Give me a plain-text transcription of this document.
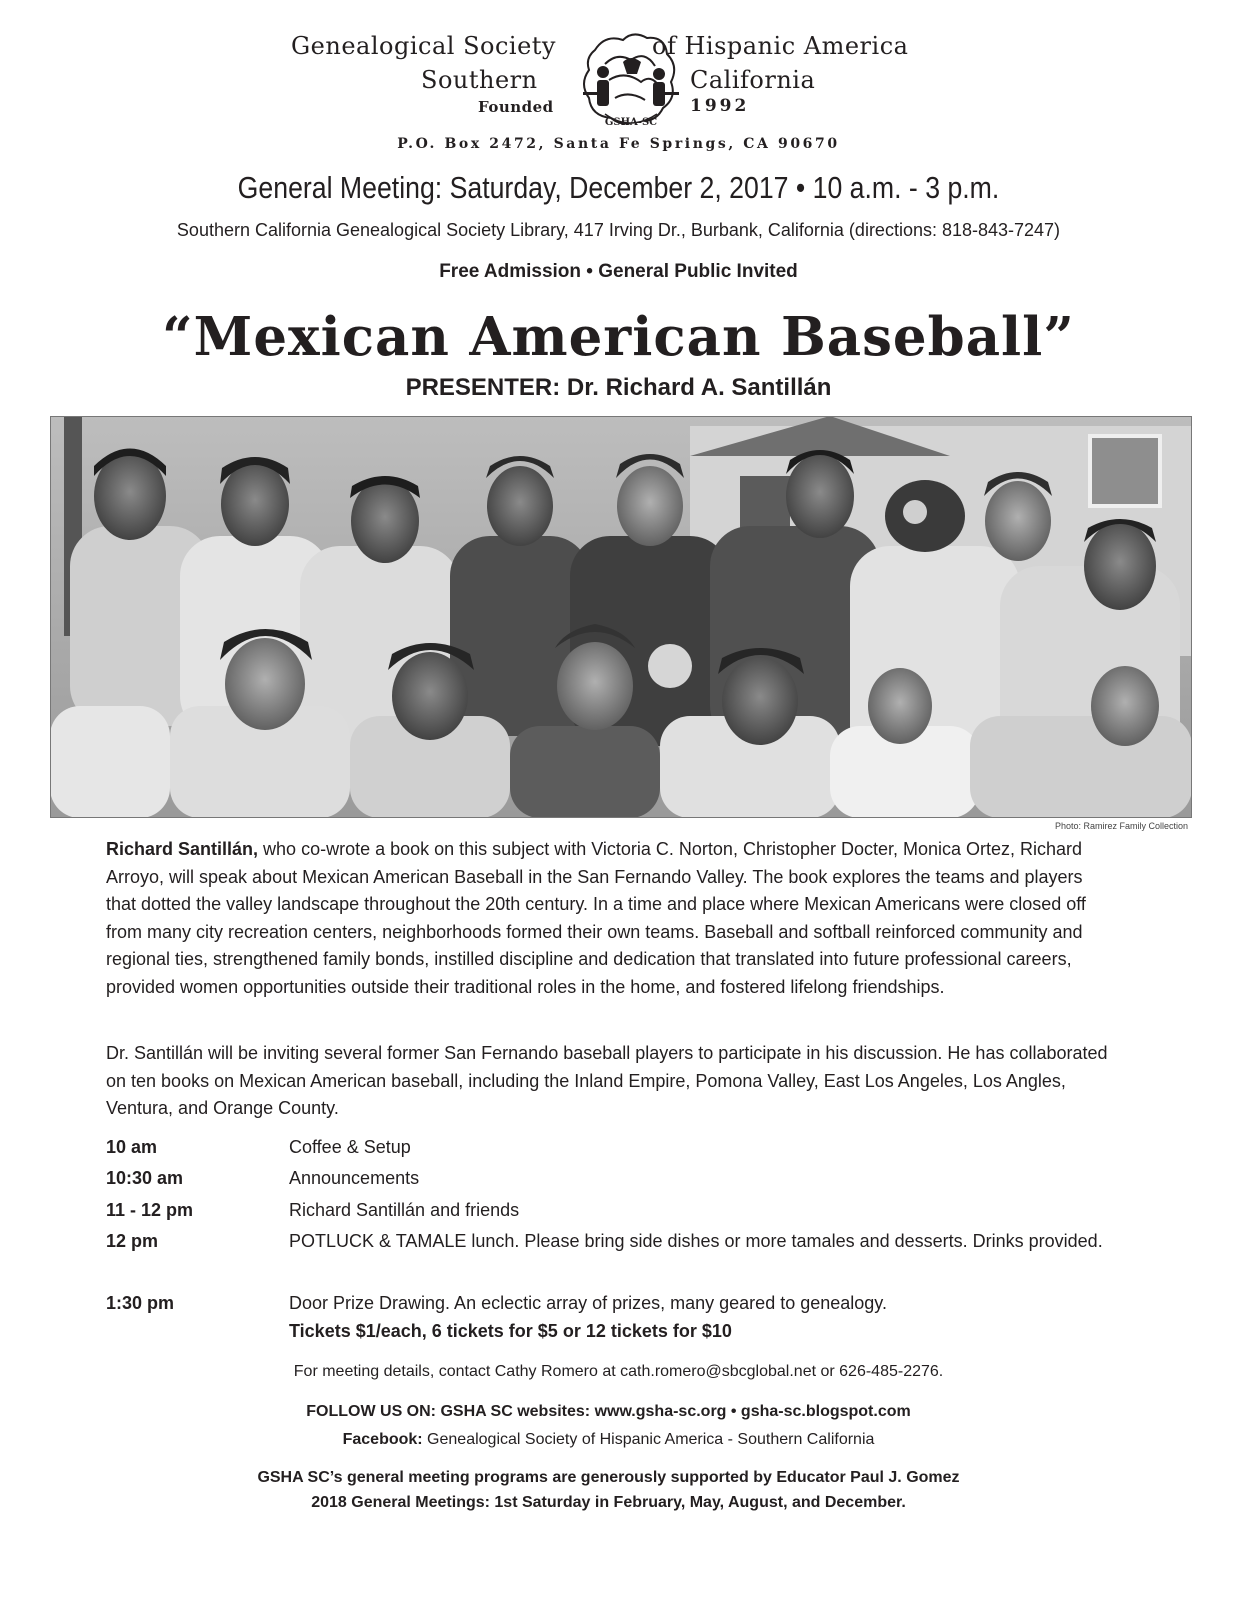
Genealogical Society	of Hispanic America
Southern	California
Founded	1992
GSHA-SC
P.O. Box 2472, Santa Fe Springs, CA 90670
General Meeting: Saturday, December 2, 2017 • 10 a.m. - 3 p.m.
Southern California Genealogical Society Library, 417 Irving Dr., Burbank, California (directions: 818-843-7247)
Free Admission • General Public Invited
“Mexican American Baseball”
PRESENTER: Dr. Richard A. Santillán
Photo: Ramirez Family Collection
Richard Santillán, who co-wrote a book on this subject with Victoria C. Norton, Christopher Docter, Monica Ortez, Richard Arroyo, will speak about Mexican American Baseball in the San Fernando Valley. The book explores the teams and players that dotted the valley landscape throughout the 20th century. In a time and place where Mexican Americans were closed off from many city recreation centers, neighborhoods formed their own teams. Baseball and softball reinforced community and regional ties, strengthened family bonds, instilled discipline and dedication that translated into future professional careers, provided women opportunities outside their traditional roles in the home, and fostered lifelong friendships.
Dr. Santillán will be inviting several former San Fernando baseball players to participate in his discussion. He has collaborated on ten books on Mexican American baseball, including the Inland Empire, Pomona Valley, East Los Angeles, Los Angles, Ventura, and Orange County.
10 am	Coffee & Setup
10:30 am	Announcements
11 - 12 pm	Richard Santillán and friends
12 pm	POTLUCK & TAMALE lunch. Please bring side dishes or more tamales and desserts. Drinks provided.
1:30 pm	Door Prize Drawing. An eclectic array of prizes, many geared to genealogy.
Tickets $1/each, 6 tickets for $5 or 12 tickets for $10
For meeting details, contact Cathy Romero at cath.romero@sbcglobal.net or 626-485-2276.
FOLLOW US ON: GSHA SC websites: www.gsha-sc.org • gsha-sc.blogspot.com
Facebook: Genealogical Society of Hispanic America - Southern California
GSHA SC’s general meeting programs are generously supported by Educator Paul J. Gomez
2018 General Meetings: 1st Saturday in February, May, August, and December.
